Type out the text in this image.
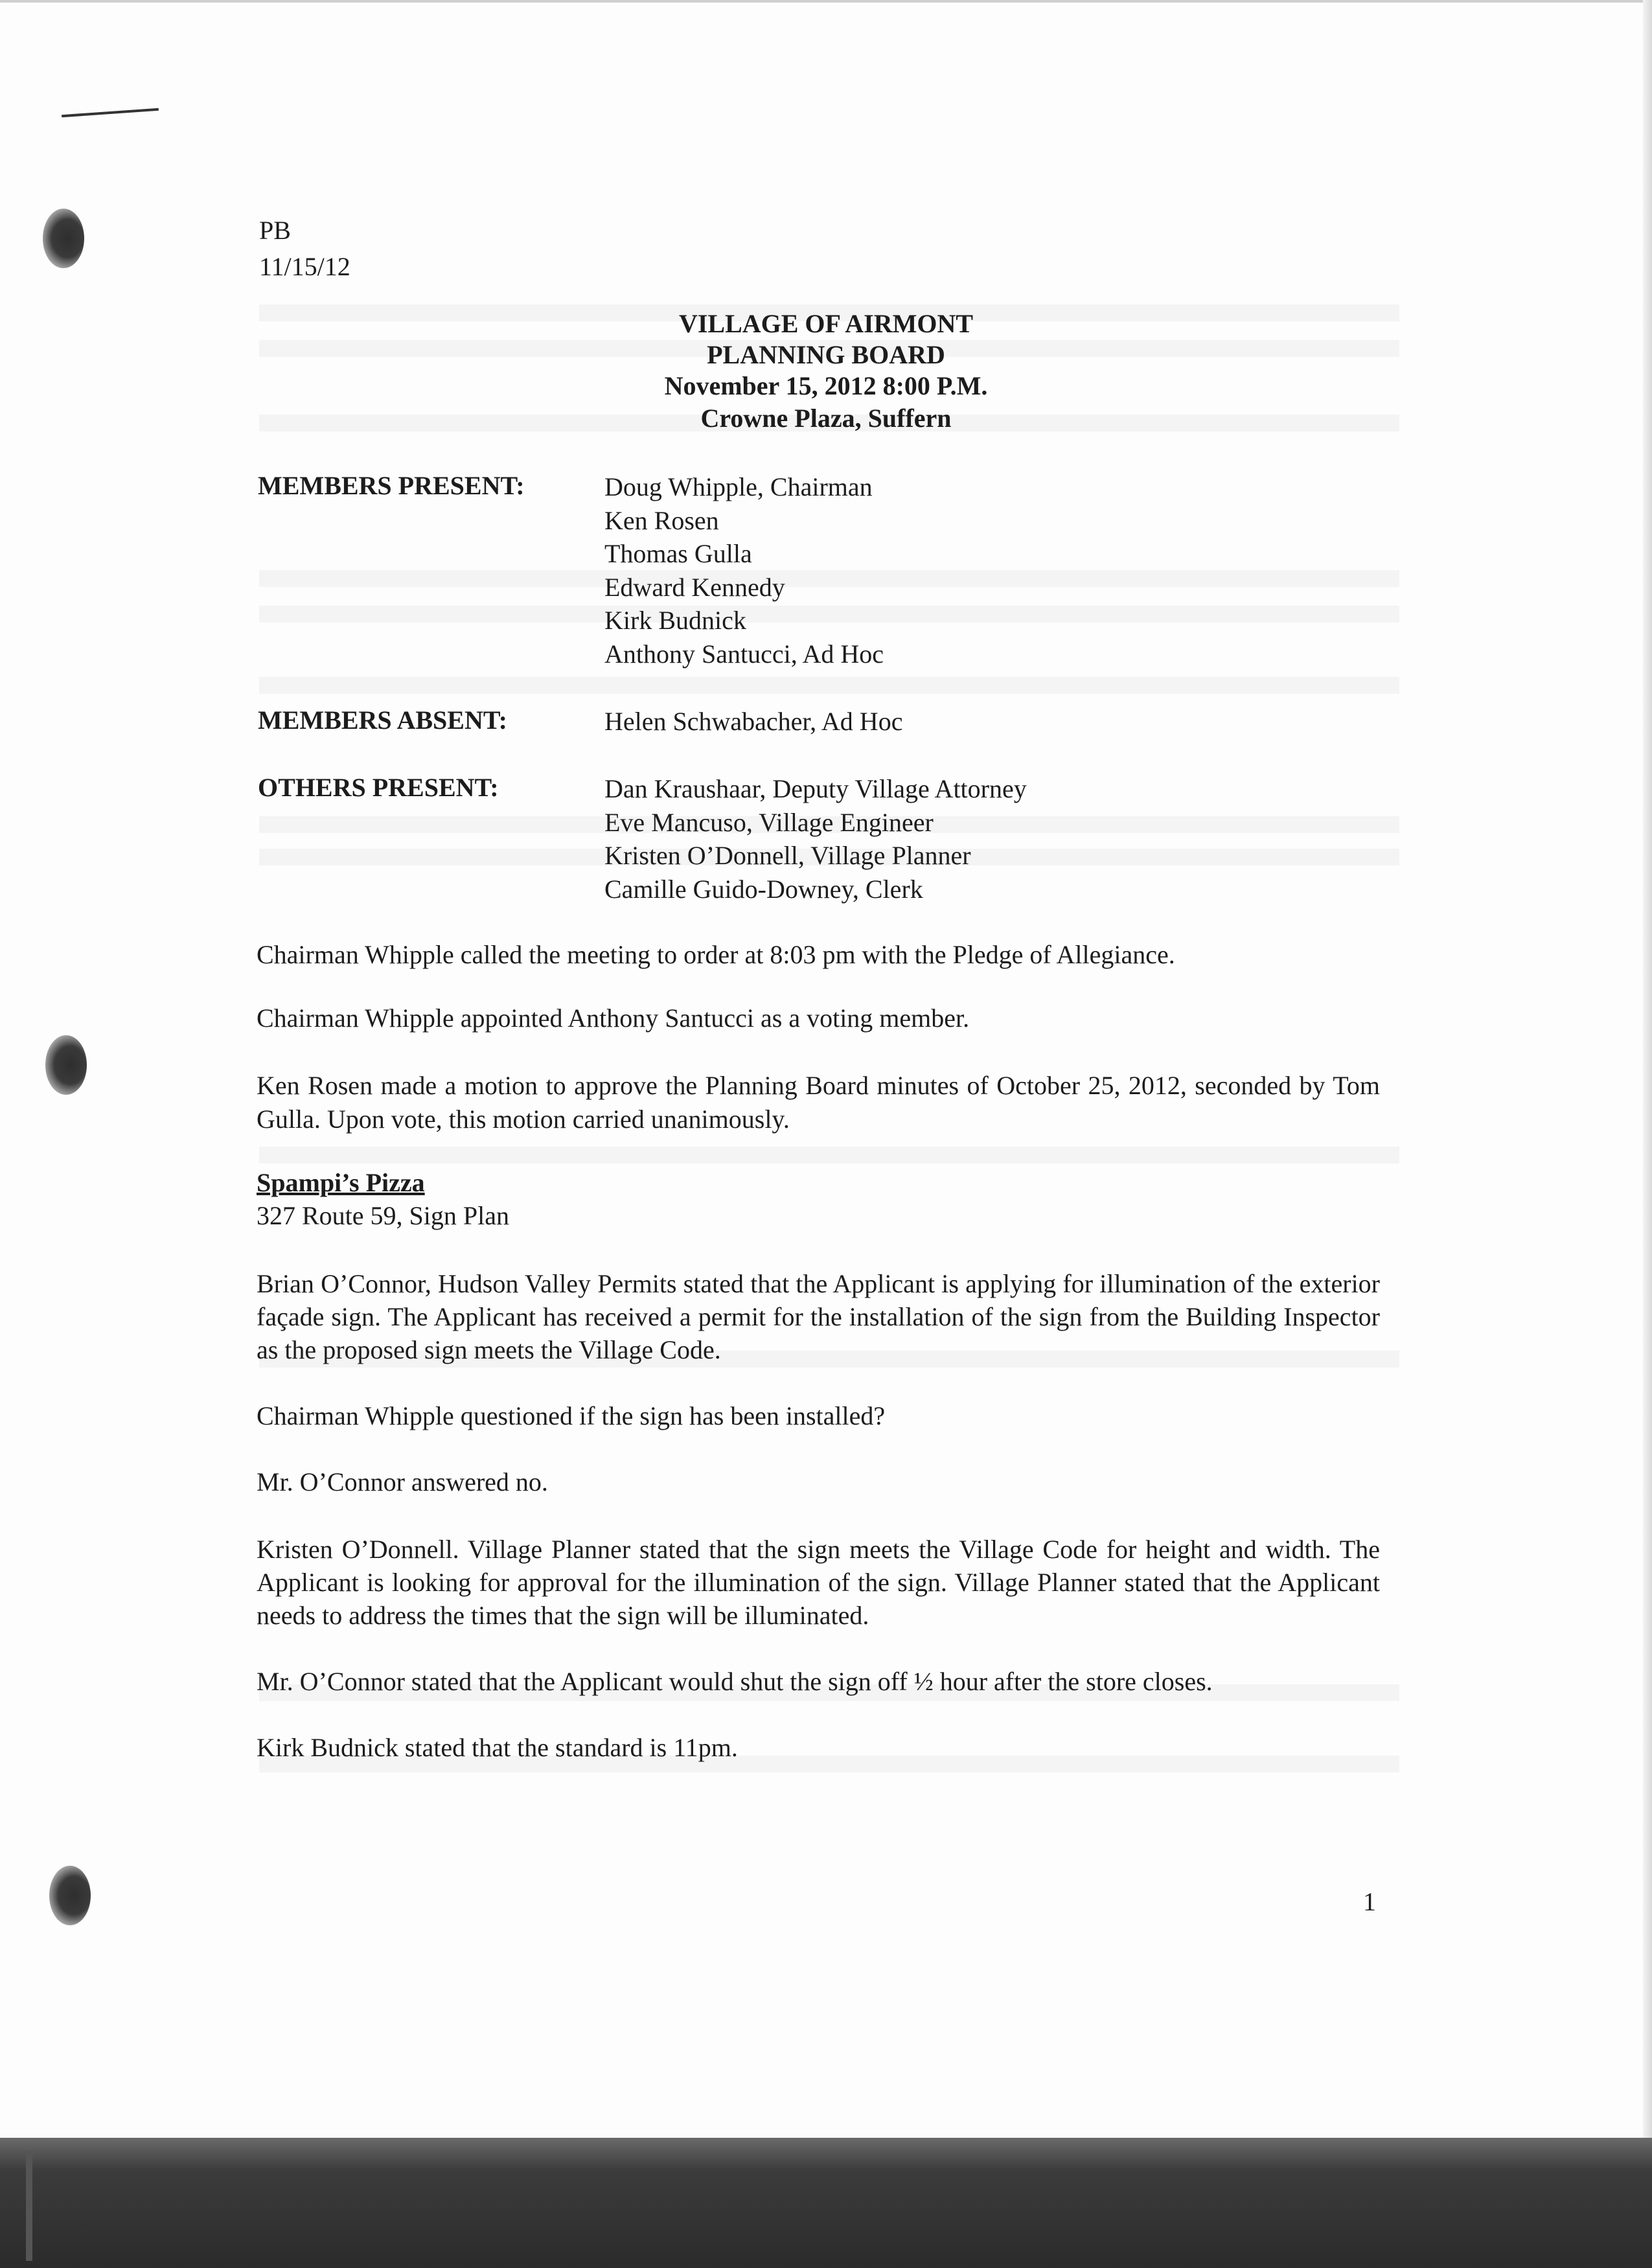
PB
11/15/12
VILLAGE OF AIRMONT
PLANNING BOARD
November 15, 2012 8:00 P.M.
Crowne Plaza, Suffern
MEMBERS PRESENT:	Doug Whipple, Chairman
Ken Rosen
Thomas Gulla
Edward Kennedy
Kirk Budnick
Anthony Santucci, Ad Hoc
MEMBERS ABSENT:	Helen Schwabacher, Ad Hoc
OTHERS PRESENT:	Dan Kraushaar, Deputy Village Attorney
Eve Mancuso, Village Engineer
Kristen O’Donnell, Village Planner
Camille Guido-Downey, Clerk
Chairman Whipple called the meeting to order at 8:03 pm with the Pledge of Allegiance.
Chairman Whipple appointed Anthony Santucci as a voting member.
Ken Rosen made a motion to approve the Planning Board minutes of October 25, 2012, seconded by Tom Gulla. Upon vote, this motion carried unanimously.
Spampi’s Pizza
327 Route 59, Sign Plan
Brian O’Connor, Hudson Valley Permits stated that the Applicant is applying for illumination of the exterior façade sign. The Applicant has received a permit for the installation of the sign from the Building Inspector as the proposed sign meets the Village Code.
Chairman Whipple questioned if the sign has been installed?
Mr. O’Connor answered no.
Kristen O’Donnell. Village Planner stated that the sign meets the Village Code for height and width. The Applicant is looking for approval for the illumination of the sign. Village Planner stated that the Applicant needs to address the times that the sign will be illuminated.
Mr. O’Connor stated that the Applicant would shut the sign off ½ hour after the store closes.
Kirk Budnick stated that the standard is 11pm.
1
